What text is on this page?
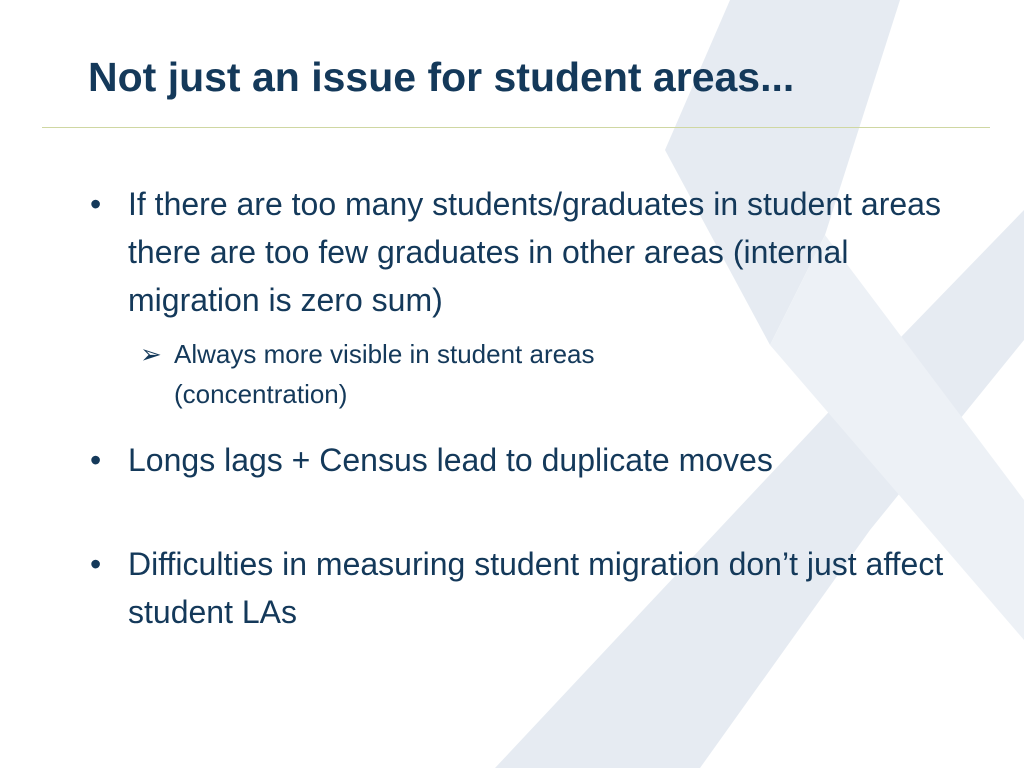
Not just an issue for student areas...
• If there are too many students/graduates in student areas there are too few graduates in other areas (internal migration is zero sum)
➢ Always more visible in student areas (concentration)
• Longs lags + Census lead to duplicate moves
• Difficulties in measuring student migration don’t just affect student LAs
